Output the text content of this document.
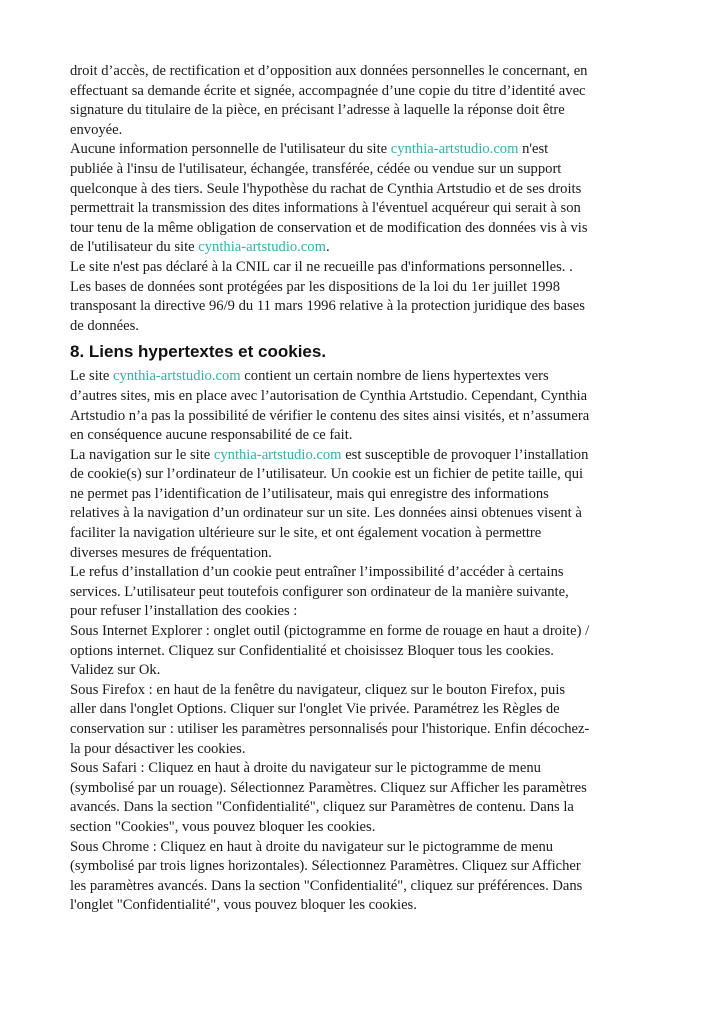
droit d’accès, de rectification et d’opposition aux données personnelles le concernant, en
effectuant sa demande écrite et signée, accompagnée d’une copie du titre d’identité avec
signature du titulaire de la pièce, en précisant l’adresse à laquelle la réponse doit être
envoyée.
Aucune information personnelle de l'utilisateur du site cynthia-artstudio.com n'est
publiée à l'insu de l'utilisateur, échangée, transférée, cédée ou vendue sur un support
quelconque à des tiers. Seule l'hypothèse du rachat de Cynthia Artstudio et de ses droits
permettrait la transmission des dites informations à l'éventuel acquéreur qui serait à son
tour tenu de la même obligation de conservation et de modification des données vis à vis
de l'utilisateur du site cynthia-artstudio.com.
Le site n'est pas déclaré à la CNIL car il ne recueille pas d'informations personnelles. .
Les bases de données sont protégées par les dispositions de la loi du 1er juillet 1998
transposant la directive 96/9 du 11 mars 1996 relative à la protection juridique des bases
de données.
8. Liens hypertextes et cookies.
Le site cynthia-artstudio.com contient un certain nombre de liens hypertextes vers
d’autres sites, mis en place avec l’autorisation de Cynthia Artstudio. Cependant, Cynthia
Artstudio n’a pas la possibilité de vérifier le contenu des sites ainsi visités, et n’assumera
en conséquence aucune responsabilité de ce fait.
La navigation sur le site cynthia-artstudio.com est susceptible de provoquer l’installation
de cookie(s) sur l’ordinateur de l’utilisateur. Un cookie est un fichier de petite taille, qui
ne permet pas l’identification de l’utilisateur, mais qui enregistre des informations
relatives à la navigation d’un ordinateur sur un site. Les données ainsi obtenues visent à
faciliter la navigation ultérieure sur le site, et ont également vocation à permettre
diverses mesures de fréquentation.
Le refus d’installation d’un cookie peut entraîner l’impossibilité d’accéder à certains
services. L’utilisateur peut toutefois configurer son ordinateur de la manière suivante,
pour refuser l’installation des cookies :
Sous Internet Explorer : onglet outil (pictogramme en forme de rouage en haut a droite) /
options internet. Cliquez sur Confidentialité et choisissez Bloquer tous les cookies.
Validez sur Ok.
Sous Firefox : en haut de la fenêtre du navigateur, cliquez sur le bouton Firefox, puis
aller dans l'onglet Options. Cliquer sur l'onglet Vie privée. Paramétrez les Règles de
conservation sur : utiliser les paramètres personnalisés pour l'historique. Enfin décochez-
la pour désactiver les cookies.
Sous Safari : Cliquez en haut à droite du navigateur sur le pictogramme de menu
(symbolisé par un rouage). Sélectionnez Paramètres. Cliquez sur Afficher les paramètres
avancés. Dans la section "Confidentialité", cliquez sur Paramètres de contenu. Dans la
section "Cookies", vous pouvez bloquer les cookies.
Sous Chrome : Cliquez en haut à droite du navigateur sur le pictogramme de menu
(symbolisé par trois lignes horizontales). Sélectionnez Paramètres. Cliquez sur Afficher
les paramètres avancés. Dans la section "Confidentialité", cliquez sur préférences. Dans
l'onglet "Confidentialité", vous pouvez bloquer les cookies.
